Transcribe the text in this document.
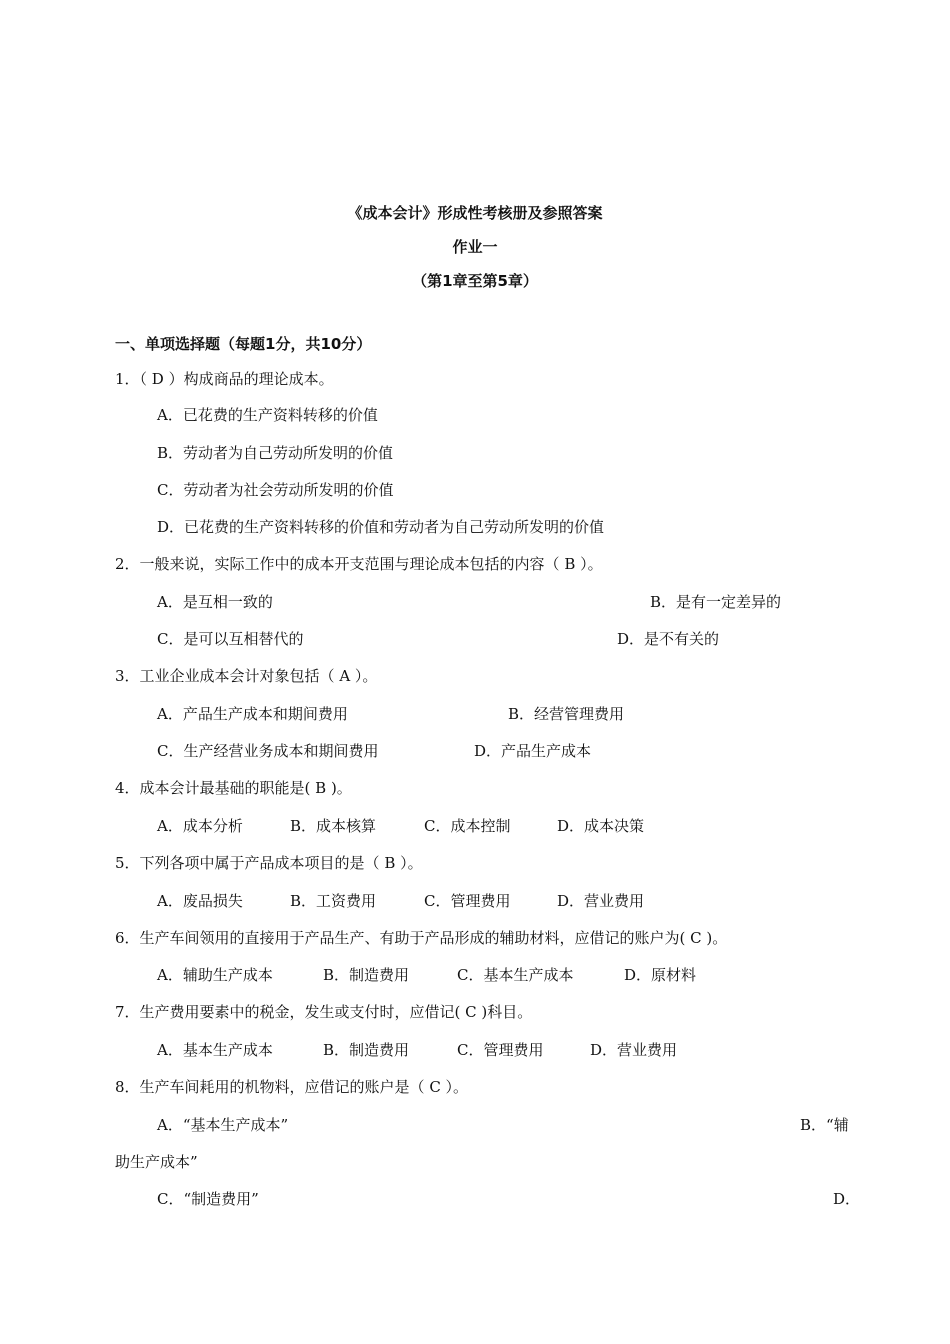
《成本会计》形成性考核册及参照答案
作业一
（第1章至第5章）
一、单项选择题（每题1分，共10分）
1．（ D ）构成商品的理论成本。
A．已花费的生产资料转移的价值
B．劳动者为自己劳动所发明的价值
C．劳动者为社会劳动所发明的价值
D．已花费的生产资料转移的价值和劳动者为自己劳动所发明的价值
2．一般来说，实际工作中的成本开支范围与理论成本包括的内容（ B ）。
A．是互相一致的	B．是有一定差异的
C．是可以互相替代的	D．是不有关的
3．工业企业成本会计对象包括（ A ）。
A．产品生产成本和期间费用	B．经营管理费用
C．生产经营业务成本和期间费用	D．产品生产成本
4．成本会计最基础的职能是( B )。
A．成本分析	B．成本核算	C．成本控制	D．成本决策
5．下列各项中属于产品成本项目的是（ B ）。
A．废品损失	B．工资费用	C．管理费用	D．营业费用
6．生产车间领用的直接用于产品生产、有助于产品形成的辅助材料，应借记的账户为( C )。
A．辅助生产成本	B．制造费用	C．基本生产成本	D．原材料
7．生产费用要素中的税金，发生或支付时，应借记( C )科目。
A．基本生产成本	B．制造费用	C．管理费用	D．营业费用
8．生产车间耗用的机物料，应借记的账户是（ C ）。
A．“基本生产成本”	B．“辅
助生产成本”
C．“制造费用”	D．
